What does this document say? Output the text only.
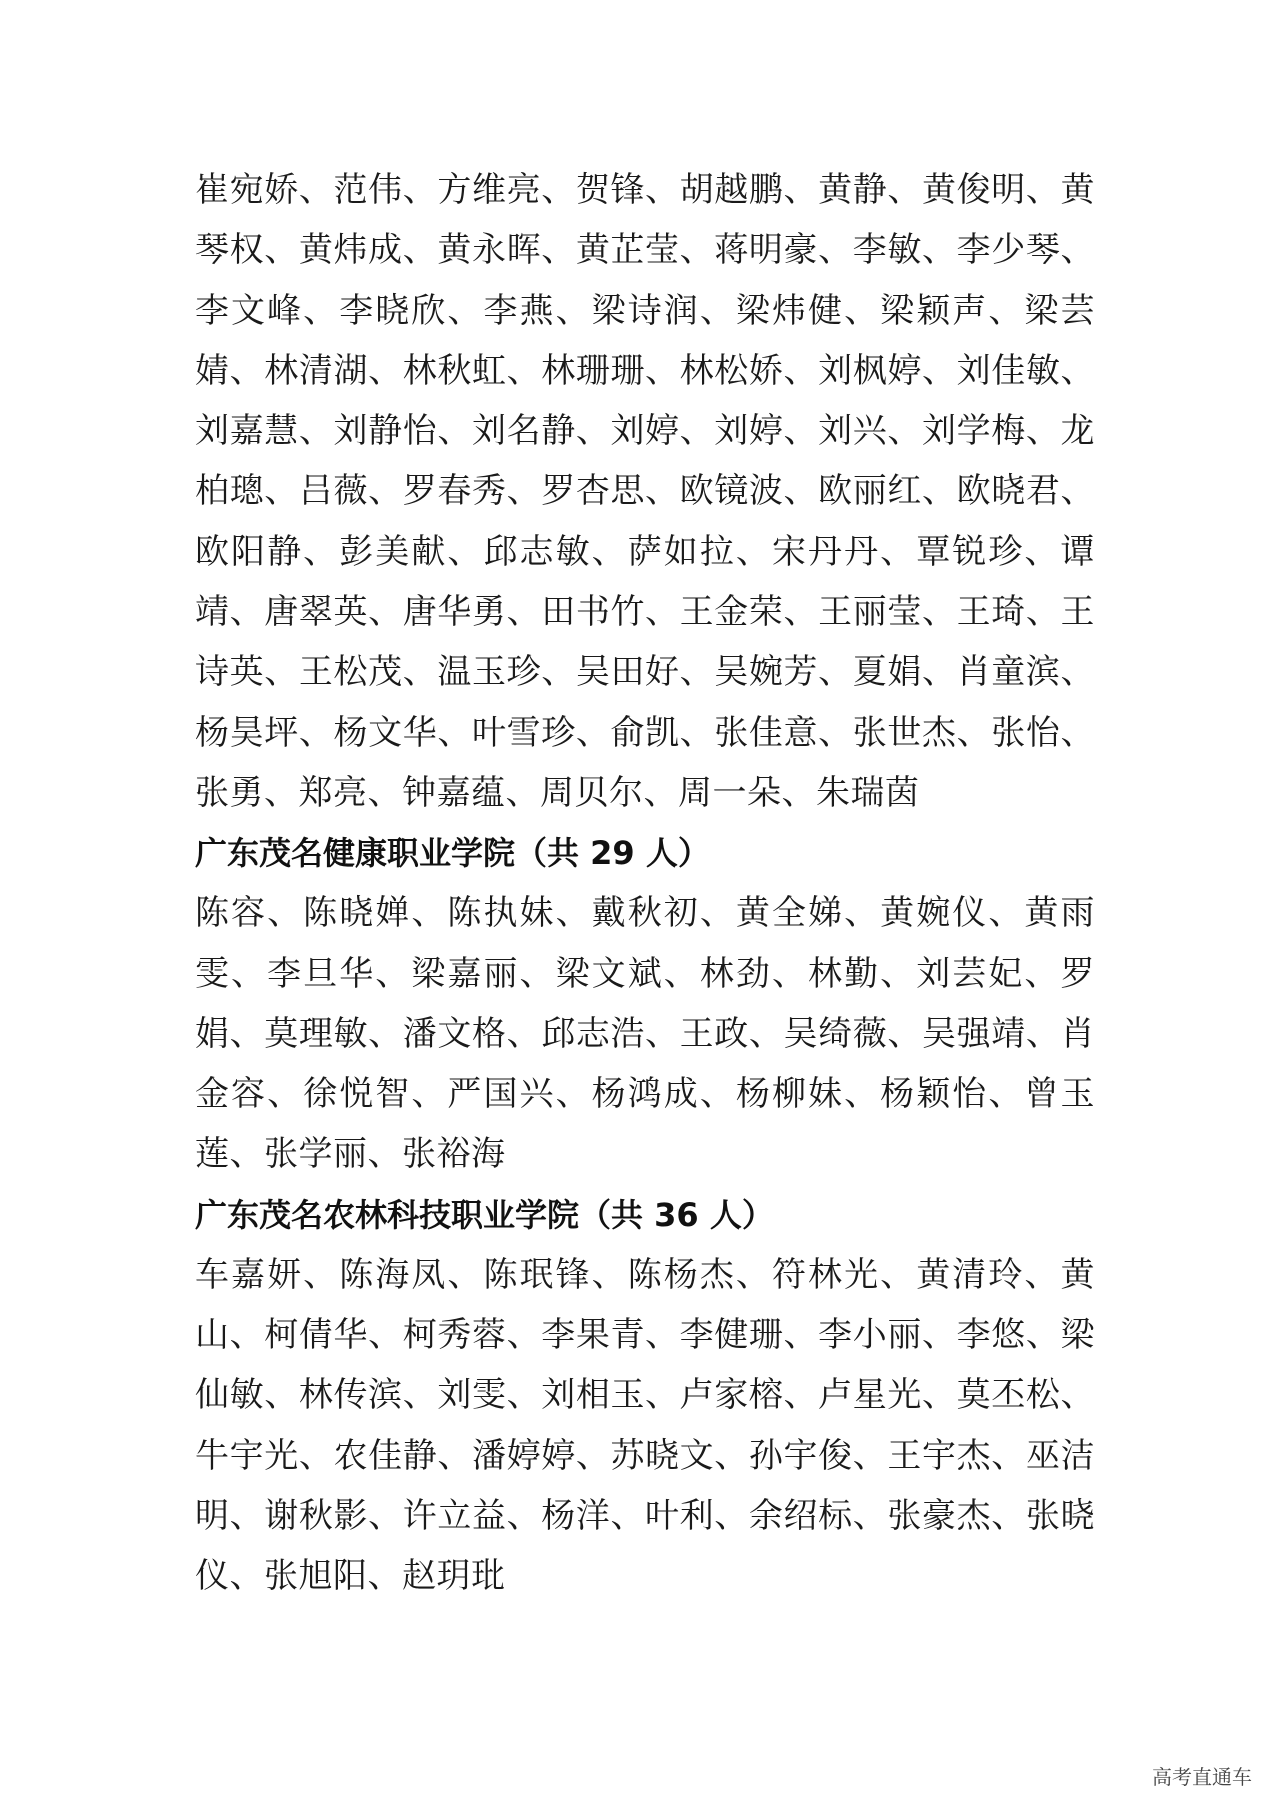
崔宛娇、范伟、方维亮、贺锋、胡越鹏、黄静、黄俊明、黄琴权、黄炜成、黄永晖、黄芷莹、蒋明豪、李敏、李少琴、李文峰、李晓欣、李燕、梁诗润、梁炜健、梁颖声、梁芸婧、林清湖、林秋虹、林珊珊、林松娇、刘枫婷、刘佳敏、刘嘉慧、刘静怡、刘名静、刘婷、刘婷、刘兴、刘学梅、龙柏璁、吕薇、罗春秀、罗杏思、欧镜波、欧丽红、欧晓君、欧阳静、彭美献、邱志敏、萨如拉、宋丹丹、覃锐珍、谭靖、唐翠英、唐华勇、田书竹、王金荣、王丽莹、王琦、王诗英、王松茂、温玉珍、吴田好、吴婉芳、夏娟、肖童滨、杨昊坪、杨文华、叶雪珍、俞凯、张佳意、张世杰、张怡、张勇、郑亮、钟嘉蕴、周贝尔、周一朵、朱瑞茵

广东茂名健康职业学院（共 29 人）

陈容、陈晓婵、陈执妹、戴秋初、黄全娣、黄婉仪、黄雨雯、李旦华、梁嘉丽、梁文斌、林劲、林勤、刘芸妃、罗娟、莫理敏、潘文格、邱志浩、王政、吴绮薇、吴强靖、肖金容、徐悦智、严国兴、杨鸿成、杨柳妹、杨颖怡、曾玉莲、张学丽、张裕海

广东茂名农林科技职业学院（共 36 人）

车嘉妍、陈海凤、陈珉锋、陈杨杰、符林光、黄清玲、黄山、柯倩华、柯秀蓉、李果青、李健珊、李小丽、李悠、梁仙敏、林传滨、刘雯、刘相玉、卢家榕、卢星光、莫丕松、牛宇光、农佳静、潘婷婷、苏晓文、孙宇俊、王宇杰、巫洁明、谢秋影、许立益、杨洋、叶利、余绍标、张豪杰、张晓仪、张旭阳、赵玥玭

高考直通车
